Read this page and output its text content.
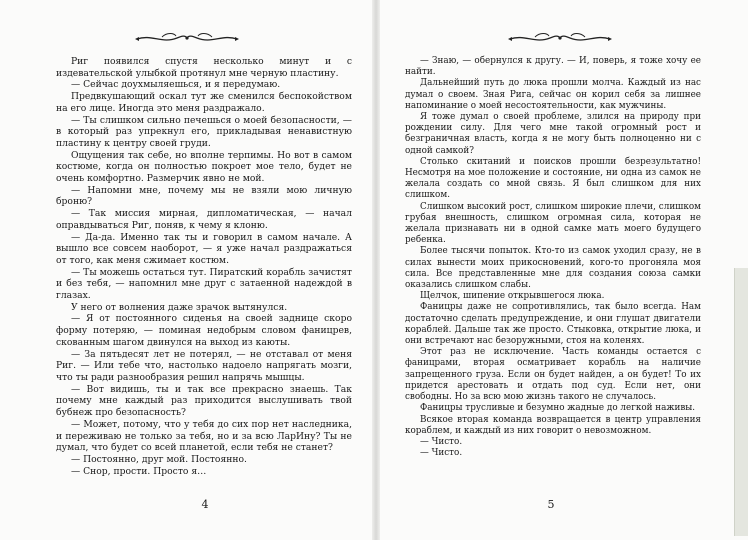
Риг появился спустя несколько минут и с издевательской улыбкой протянул мне черную пластину.

— Сейчас доухмыляешься, и я передумаю.

Предвкушающий оскал тут же сменился беспокойством на его лице. Иногда это меня раздражало.

— Ты слишком сильно печешься о моей безопасности, — в который раз упрекнул его, прикладывая ненавистную пластину к центру своей груди.

Ощущения так себе, но вполне терпимы. Но вот в самом костюме, когда он полностью покроет мое тело, будет не очень комфортно. Размерчик явно не мой.

— Напомни мне, почему мы не взяли мою личную броню?

— Так миссия мирная, дипломатическая, — начал оправдываться Риг, поняв, к чему я клоню.

— Да-да. Именно так ты и говорил в самом начале. А вышло все совсем наоборот, — я уже начал раздражаться от того, как меня сжимает костюм.

— Ты можешь остаться тут. Пиратский корабль зачистят и без тебя, — напомнил мне друг с затаенной надеждой в глазах.

У него от волнения даже зрачок вытянулся.

— Я от постоянного сиденья на своей заднице скоро форму потеряю, — поминая недобрым словом фаницрев, скованным шагом двинулся на выход из каюты.

— За пятьдесят лет не потерял, — не отставал от меня Риг. — Или тебе что, настолько надоело напрягать мозги, что ты ради разнообразия решил напрячь мышцы.

— Вот видишь, ты и так все прекрасно знаешь. Так почему мне каждый раз приходится выслушивать твой бубнеж про безопасность?

— Может, потому, что у тебя до сих пор нет наследника, и переживаю не только за тебя, но и за всю ЛарИну? Ты не думал, что будет со всей планетой, если тебя не станет?

— Постоянно, друг мой. Постоянно.

— Снор, прости. Просто я…

4

— Знаю, — обернулся к другу. — И, поверь, я тоже хочу ее найти.

Дальнейший путь до люка прошли молча. Каждый из нас думал о своем. Зная Рига, сейчас он корил себя за лишнее напоминание о моей несостоятельности, как мужчины.

Я тоже думал о своей проблеме, злился на природу при рождении силу. Для чего мне такой огромный рост и безграничная власть, когда я не могу быть полноценно ни с одной самкой?

Столько скитаний и поисков прошли безрезультатно! Несмотря на мое положение и состояние, ни одна из самок не желала создать со мной связь. Я был слишком для них слишком.

Слишком высокий рост, слишком широкие плечи, слишком грубая внешность, слишком огромная сила, которая не желала признавать ни в одной самке мать моего будущего ребенка.

Более тысячи попыток. Кто-то из самок уходил сразу, не в силах вынести моих прикосновений, кого-то прогоняла моя сила. Все представленные мне для создания союза самки оказались слишком слабы.

Щелчок, шипение открывшегося люка.

Фаницры даже не сопротивлялись, так было всегда. Нам достаточно сделать предупреждение, и они глушат двигатели кораблей. Дальше так же просто. Стыковка, открытие люка, и они встречают нас безоружными, стоя на коленях.

Этот раз не исключение. Часть команды остается с фаницрами, вторая осматривает корабль на наличие запрещенного груза. Если он будет найден, а он будет! То их придется арестовать и отдать под суд. Если нет, они свободны. Но за всю мою жизнь такого не случалось.

Фаницры трусливые и безумно жадные до легкой наживы.

Всякое вторая команда возвращается в центр управления кораблем, и каждый из них говорит о невозможном.

— Чисто.

— Чисто.

5
